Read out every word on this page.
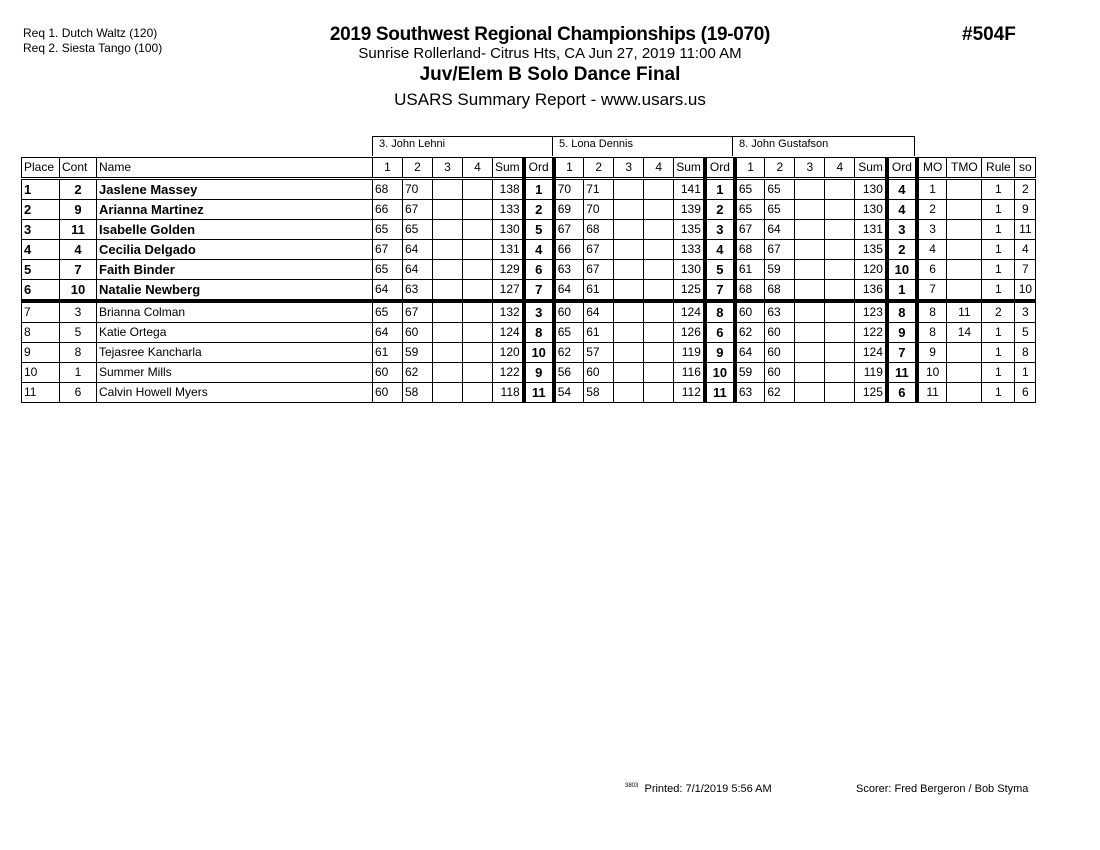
Req 1. Dutch Waltz (120)
Req 2. Siesta Tango (100)
2019 Southwest Regional Championships (19-070)
Sunrise Rollerland- Citrus Hts, CA Jun 27, 2019 11:00 AM
Juv/Elem B Solo Dance Final
USARS Summary Report - www.usars.us
#504F
3. John Lehni	5. Lona Dennis	8. John Gustafson
Place	Cont	Name	1	2	3	4	Sum	Ord	1	2	3	4	Sum	Ord	1	2	3	4	Sum	Ord	MO	TMO	Rule	so
1	2	Jaslene Massey	68	70			138	1	70	71			141	1	65	65			130	4	1		1	2
2	9	Arianna Martinez	66	67			133	2	69	70			139	2	65	65			130	4	2		1	9
3	11	Isabelle Golden	65	65			130	5	67	68			135	3	67	64			131	3	3		1	11
4	4	Cecilia Delgado	67	64			131	4	66	67			133	4	68	67			135	2	4		1	4
5	7	Faith Binder	65	64			129	6	63	67			130	5	61	59			120	10	6		1	7
6	10	Natalie Newberg	64	63			127	7	64	61			125	7	68	68			136	1	7		1	10
7	3	Brianna Colman	65	67			132	3	60	64			124	8	60	63			123	8	8	11	2	3
8	5	Katie Ortega	64	60			124	8	65	61			126	6	62	60			122	9	8	14	1	5
9	8	Tejasree Kancharla	61	59			120	10	62	57			119	9	64	60			124	7	9		1	8
10	1	Summer Mills	60	62			122	9	56	60			116	10	59	60			119	11	10		1	1
11	6	Calvin Howell Myers	60	58			118	11	54	58			112	11	63	62			125	6	11		1	6
$^{3803}$ Printed: 7/1/2019 5:56 AM	Scorer: Fred Bergeron / Bob Styma
